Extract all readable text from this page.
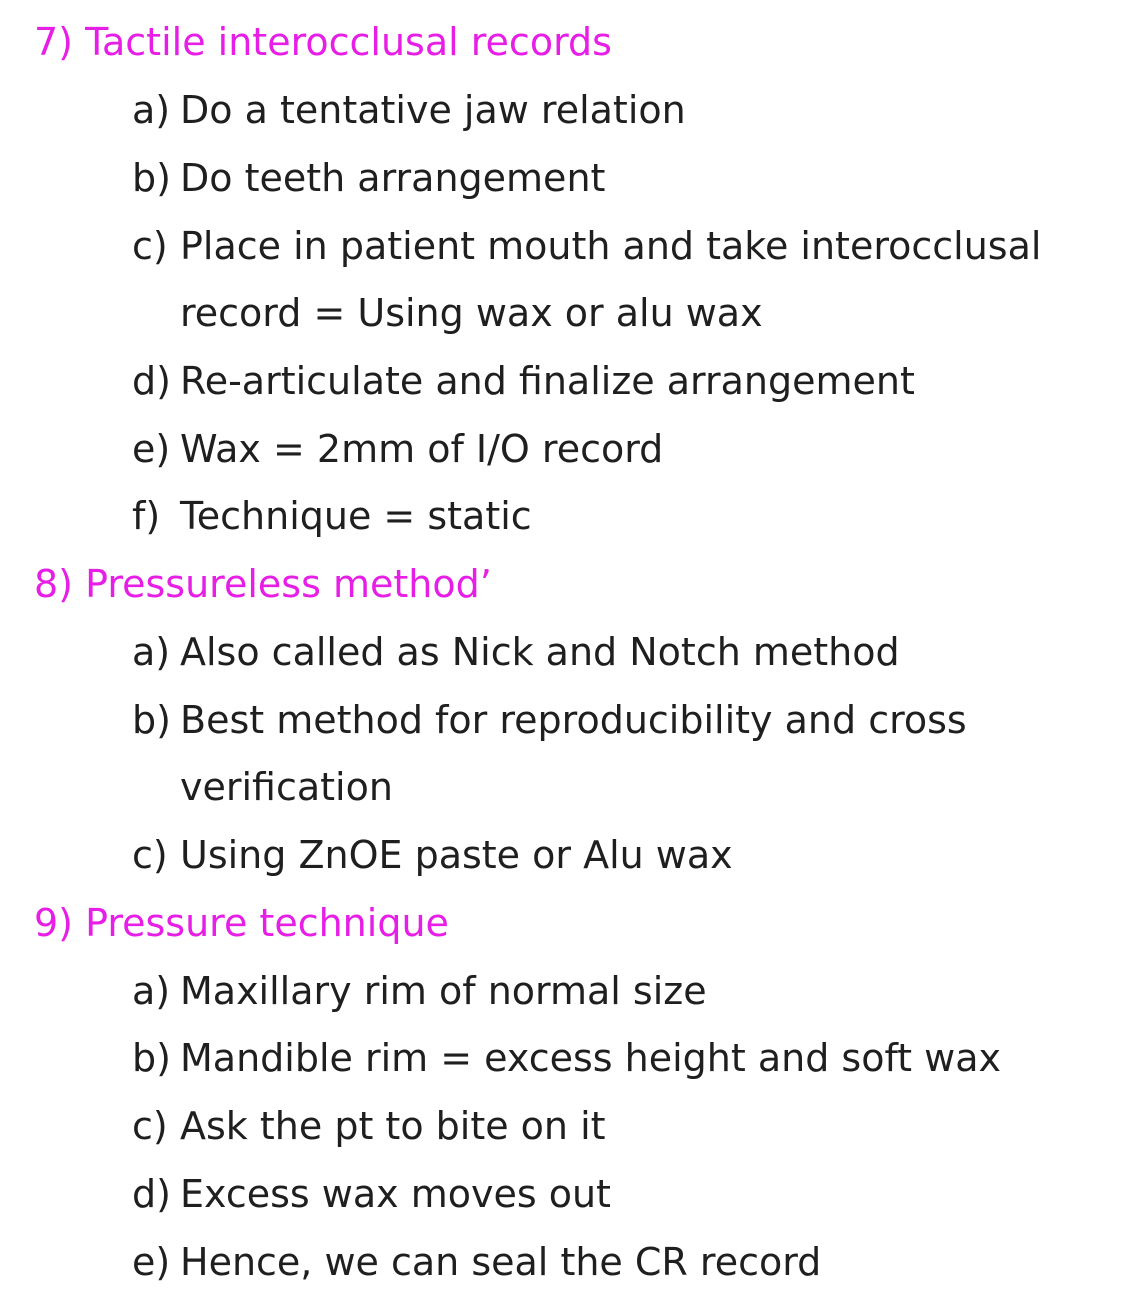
7) Tactile interocclusal records
a) Do a tentative jaw relation
b) Do teeth arrangement
c) Place in patient mouth and take interocclusal
record = Using wax or alu wax
d) Re-articulate and finalize arrangement
e) Wax = 2mm of I/O record
f) Technique = static
8) Pressureless method’
a) Also called as Nick and Notch method
b) Best method for reproducibility and cross
verification
c) Using ZnOE paste or Alu wax
9) Pressure technique
a) Maxillary rim of normal size
b) Mandible rim = excess height and soft wax
c) Ask the pt to bite on it
d) Excess wax moves out
e) Hence, we can seal the CR record
